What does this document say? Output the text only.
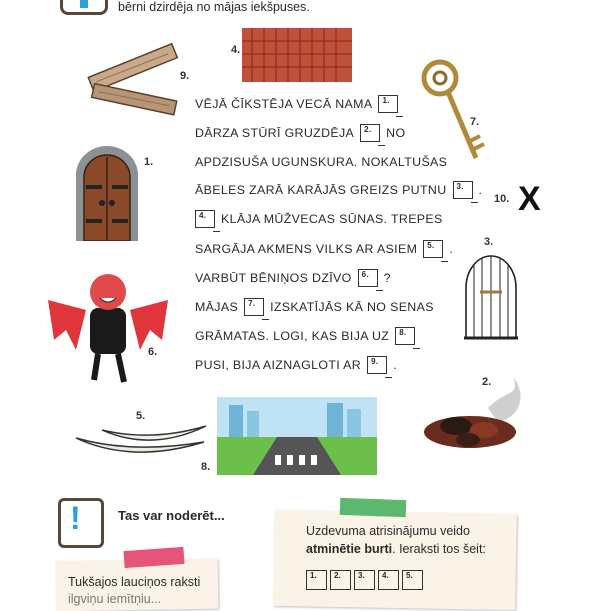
bērni dzirdēja no mājas iekšpuses.
9.
4.
7.
1.
10. X
3.
6.
2.
5.
8.
VĒJĀ ČĪKSTĒJA VECĀ NAMA 1.
DĀRZA STŪRĪ GRUZDĒJA 2. NO
APDZISUŠA UGUNSKURA. NOKALTUŠAS
ĀBELES ZARĀ KARĀJĀS GREIZS PUTNU 3. .
4. KLĀJA MŪŽVECAS SŪNAS. TREPES
SARGĀJA AKMENS VILKS AR ASIEM 5. .
VARBŪT BĒNIŅOS DZĪVO 6. ?
MĀJAS 7. IZSKATĪJĀS KĀ NO SENAS
GRĀMATAS. LOGI, KAS BIJA UZ 8.
PUSI, BIJA AIZNAGLOTI AR 9. .
!	Tas var noderēt...
Tukšajos lauciņos raksti
ilgviņu iemītņiu...
Uzdevuma atrisinājumu veido
atminētie burti. Ieraksti tos šeit:
1. 2. 3. 4. 5.
